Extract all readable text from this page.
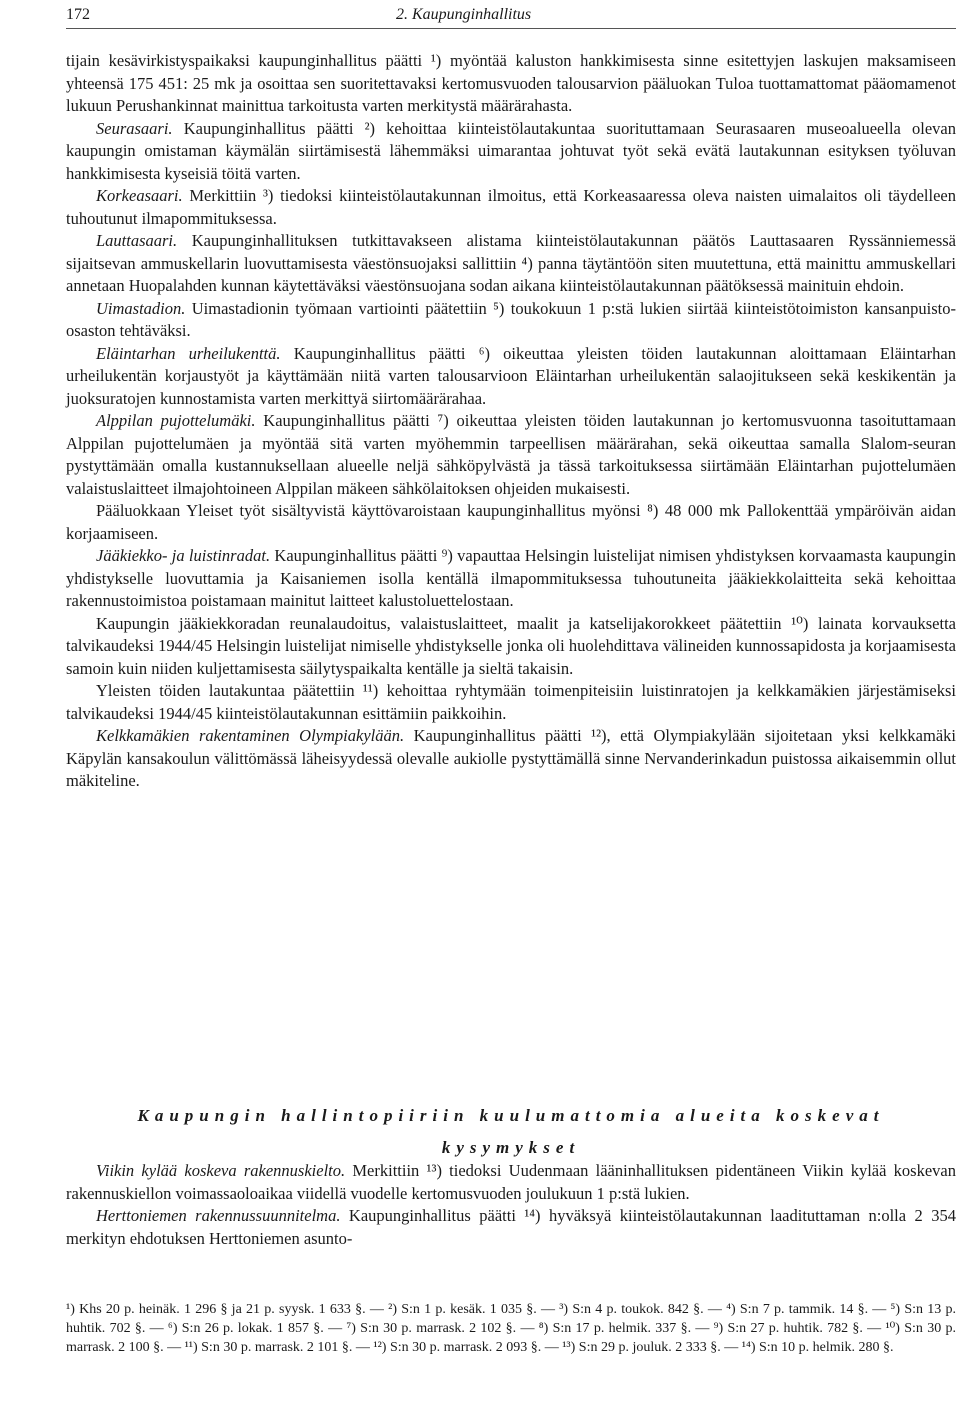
172	2. Kaupunginhallitus

tijain kesävirkistyspaikaksi kaupunginhallitus päätti ¹) myöntää kaluston hankkimisesta sinne esitettyjen laskujen maksamiseen yhteensä 175 451: 25 mk ja osoittaa sen suoritettavaksi kertomusvuoden talousarvion pääluokan Tuloa tuottamattomat pääomamenot lukuun Perushankinnat mainittua tarkoitusta varten merkitystä määrärahasta.

Seurasaari. Kaupunginhallitus päätti ²) kehoittaa kiinteistölautakuntaa suorituttamaan Seurasaaren museoalueella olevan kaupungin omistaman käymälän siirtämisestä lähemmäksi uimarantaa johtuvat työt sekä evätä lautakunnan esityksen työluvan hankkimisesta kyseisiä töitä varten.

Korkeasaari. Merkittiin ³) tiedoksi kiinteistölautakunnan ilmoitus, että Korkeasaaressa oleva naisten uimalaitos oli täydelleen tuhoutunut ilmapommituksessa.

Lauttasaari. Kaupunginhallituksen tutkittavakseen alistama kiinteistölautakunnan päätös Lauttasaaren Ryssänniemessä sijaitsevan ammuskellarin luovuttamisesta väestönsuojaksi sallittiin ⁴) panna täytäntöön siten muutettuna, että mainittu ammuskellari annetaan Huopalahden kunnan käytettäväksi väestönsuojana sodan aikana kiinteistölautakunnan päätöksessä mainituin ehdoin.

Uimastadion. Uimastadionin työmaan vartiointi päätettiin ⁵) toukokuun 1 p:stä lukien siirtää kiinteistötoimiston kansanpuisto-osaston tehtäväksi.

Eläintarhan urheilukenttä. Kaupunginhallitus päätti ⁶) oikeuttaa yleisten töiden lautakunnan aloittamaan Eläintarhan urheilukentän korjaustyöt ja käyttämään niitä varten talousarvioon Eläintarhan urheilukentän salaojitukseen sekä keskikentän ja juoksuratojen kunnostamista varten merkittyä siirtomäärärahaa.

Alppilan pujottelumäki. Kaupunginhallitus päätti ⁷) oikeuttaa yleisten töiden lautakunnan jo kertomusvuonna tasoituttamaan Alppilan pujottelumäen ja myöntää sitä varten myöhemmin tarpeellisen määrärahan, sekä oikeuttaa samalla Slalom-seuran pystyttämään omalla kustannuksellaan alueelle neljä sähköpylvästä ja tässä tarkoituksessa siirtämään Eläintarhan pujottelumäen valaistuslaitteet ilmajohtoineen Alppilan mäkeen sähkölaitoksen ohjeiden mukaisesti.

Pääluokkaan Yleiset työt sisältyvistä käyttövaroistaan kaupunginhallitus myönsi ⁸) 48 000 mk Pallokenttää ympäröivän aidan korjaamiseen.

Jääkiekko- ja luistinradat. Kaupunginhallitus päätti ⁹) vapauttaa Helsingin luistelijat nimisen yhdistyksen korvaamasta kaupungin yhdistykselle luovuttamia ja Kaisaniemen isolla kentällä ilmapommituksessa tuhoutuneita jääkiekkolaitteita sekä kehoittaa rakennustoimistoa poistamaan mainitut laitteet kalustoluettelostaan.

Kaupungin jääkiekkoradan reunalaudoitus, valaistuslaitteet, maalit ja katselijakorokkeet päätettiin ¹⁰) lainata korvauksetta talvikaudeksi 1944/45 Helsingin luistelijat nimiselle yhdistykselle jonka oli huolehdittava välineiden kunnossapidosta ja korjaamisesta samoin kuin niiden kuljettamisesta säilytyspaikalta kentälle ja sieltä takaisin.

Yleisten töiden lautakuntaa päätettiin ¹¹) kehoittaa ryhtymään toimenpiteisiin luistinratojen ja kelkkamäkien järjestämiseksi talvikaudeksi 1944/45 kiinteistölautakunnan esittämiin paikkoihin.

Kelkkamäkien rakentaminen Olympiakylään. Kaupunginhallitus päätti ¹²), että Olympiakylään sijoitetaan yksi kelkkamäki Käpylän kansakoulun välittömässä läheisyydessä olevalle aukiolle pystyttämällä sinne Nervanderinkadun puistossa aikaisemmin ollut mäkiteline.

Kaupungin hallintopiiriin kuulumattomia alueita koskevat
kysymykset

Viikin kylää koskeva rakennuskielto. Merkittiin ¹³) tiedoksi Uudenmaan lääninhallituksen pidentäneen Viikin kylää koskevan rakennuskiellon voimassaoloaikaa viidellä vuodelle kertomusvuoden joulukuun 1 p:stä lukien.

Herttoniemen rakennussuunnitelma. Kaupunginhallitus päätti ¹⁴) hyväksyä kiinteistölautakunnan laadituttaman n:olla 2 354 merkityn ehdotuksen Herttoniemen asunto-

¹) Khs 20 p. heinäk. 1 296 § ja 21 p. syysk. 1 633 §. — ²) S:n 1 p. kesäk. 1 035 §. — ³) S:n 4 p. toukok. 842 §. — ⁴) S:n 7 p. tammik. 14 §. — ⁵) S:n 13 p. huhtik. 702 §. — ⁶) S:n 26 p. lokak. 1 857 §. — ⁷) S:n 30 p. marrask. 2 102 §. — ⁸) S:n 17 p. helmik. 337 §. — ⁹) S:n 27 p. huhtik. 782 §. — ¹⁰) S:n 30 p. marrask. 2 100 §. — ¹¹) S:n 30 p. marrask. 2 101 §. — ¹²) S:n 30 p. marrask. 2 093 §. — ¹³) S:n 29 p. jouluk. 2 333 §. — ¹⁴) S:n 10 p. helmik. 280 §.
